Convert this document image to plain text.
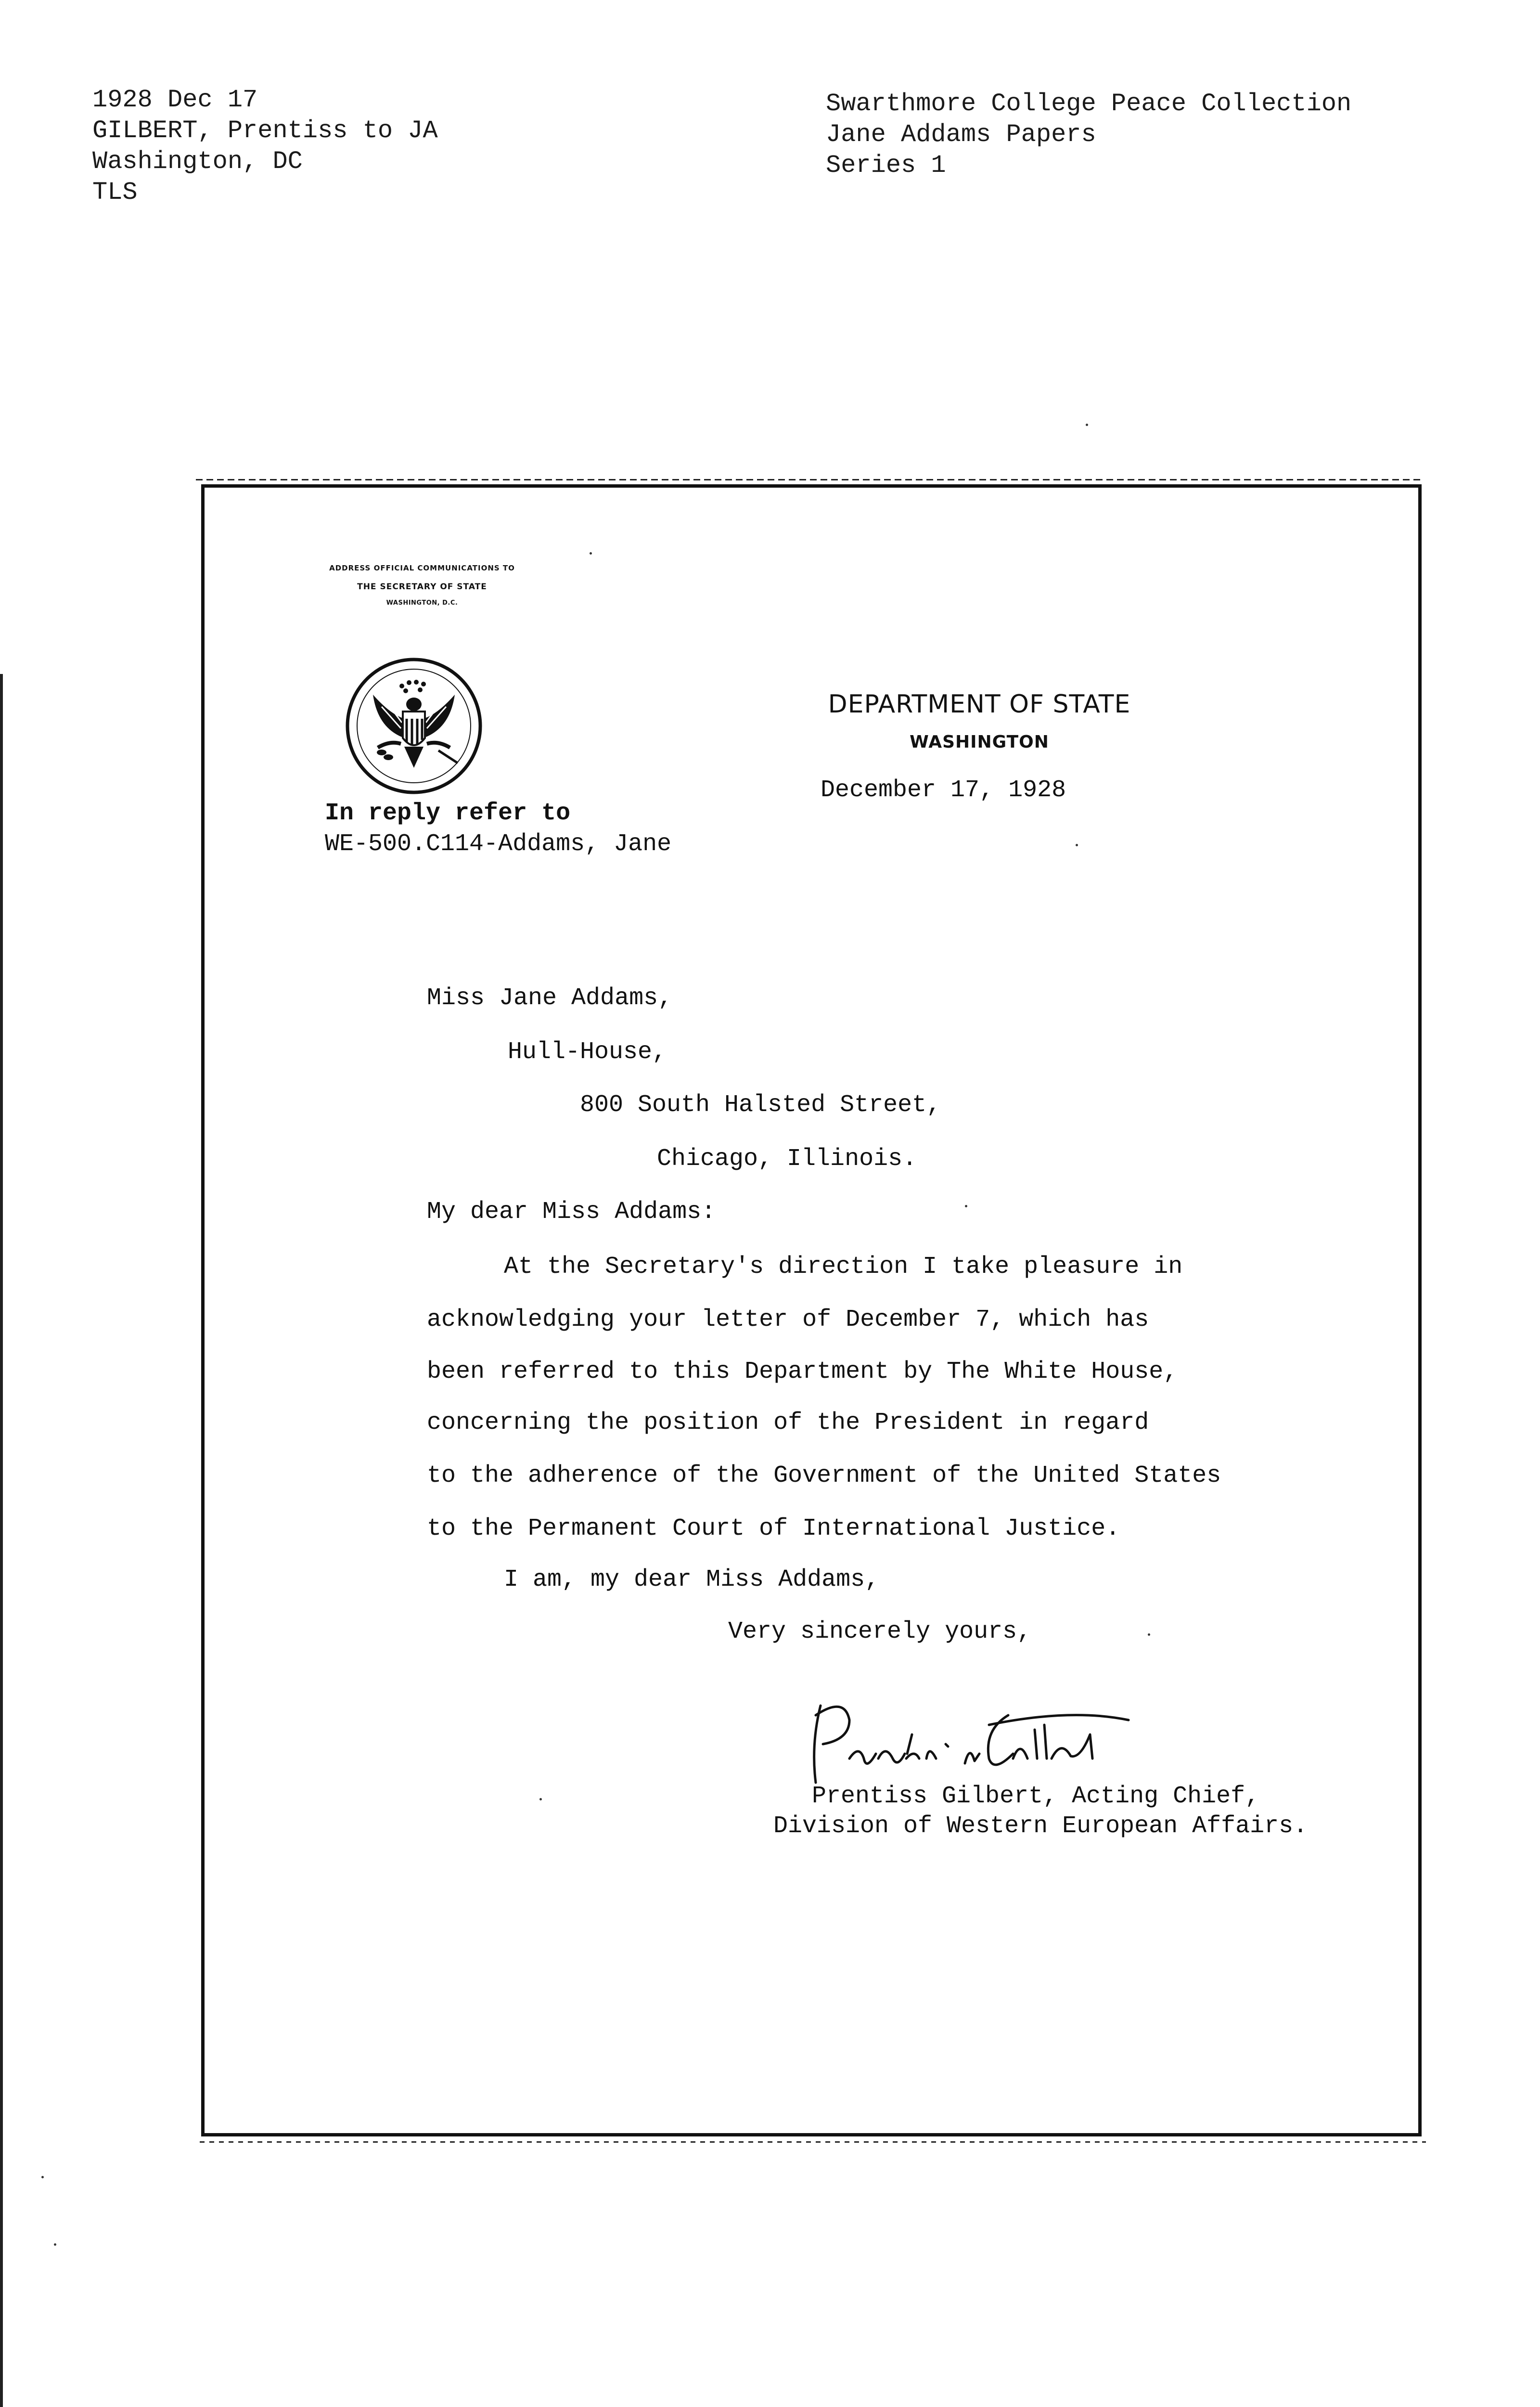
1928 Dec 17
GILBERT, Prentiss to JA
Washington, DC
TLS
Swarthmore College Peace Collection
Jane Addams Papers
Series 1
ADDRESS OFFICIAL COMMUNICATIONS TO
THE SECRETARY OF STATE
WASHINGTON, D.C.
DEPARTMENT OF STATE
WASHINGTON
December 17, 1928
In reply refer to
WE-500.C114-Addams, Jane
Miss Jane Addams,
Hull-House,
800 South Halsted Street,
Chicago, Illinois.
My dear Miss Addams:
At the Secretary's direction I take pleasure in
acknowledging your letter of December 7, which has
been referred to this Department by The White House,
concerning the position of the President in regard
to the adherence of the Government of the United States
to the Permanent Court of International Justice.
I am, my dear Miss Addams,
Very sincerely yours,
Prentiss Gilbert, Acting Chief,
Division of Western European Affairs.
